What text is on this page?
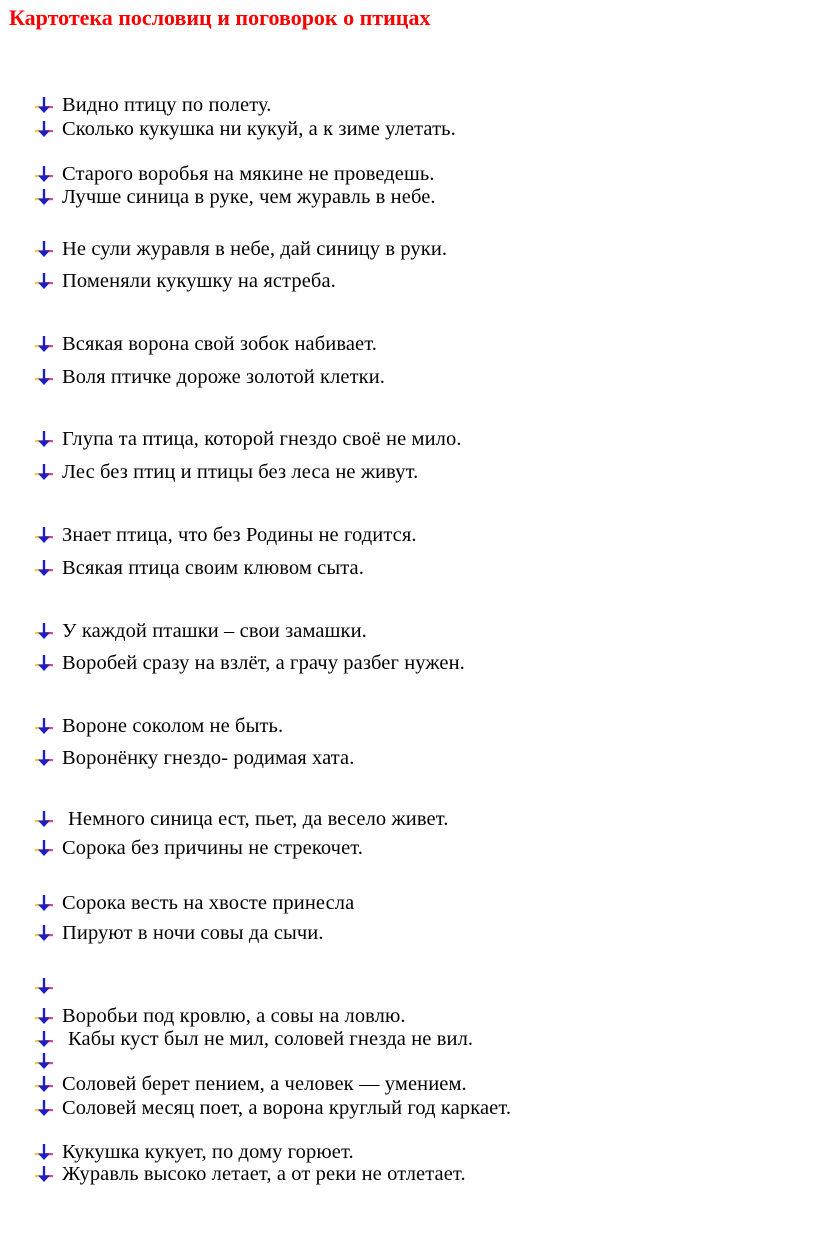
Картотека пословиц и поговорок о птицах
Видно птицу по полету.
Сколько кукушка ни кукуй, а к зиме улетать.
Старого воробья на мякине не проведешь.
Лучше синица в руке, чем журавль в небе.
Не сули журавля в небе, дай синицу в руки.
Поменяли кукушку на ястреба.
Всякая ворона свой зобок набивает.
Воля птичке дороже золотой клетки.
Глупа та птица, которой гнездо своё не мило.
Лес без птиц и птицы без леса не живут.
Знает птица, что без Родины не годится.
Всякая птица своим клювом сыта.
У каждой пташки – свои замашки.
Воробей сразу на взлёт, а грачу разбег нужен.
Вороне соколом не быть.
Воронёнку гнездо- родимая хата.
Немного синица ест, пьет, да весело живет.
Сорока без причины не стрекочет.
Сорока весть на хвосте принесла
Пируют в ночи совы да сычи.
Воробьи под кровлю, а совы на ловлю.
Кабы куст был не мил, соловей гнезда не вил.
Соловей берет пением, а человек — умением.
Соловей месяц поет, а ворона круглый год каркает.
Кукушка кукует, по дому горюет.
Журавль высоко летает, а от реки не отлетает.
